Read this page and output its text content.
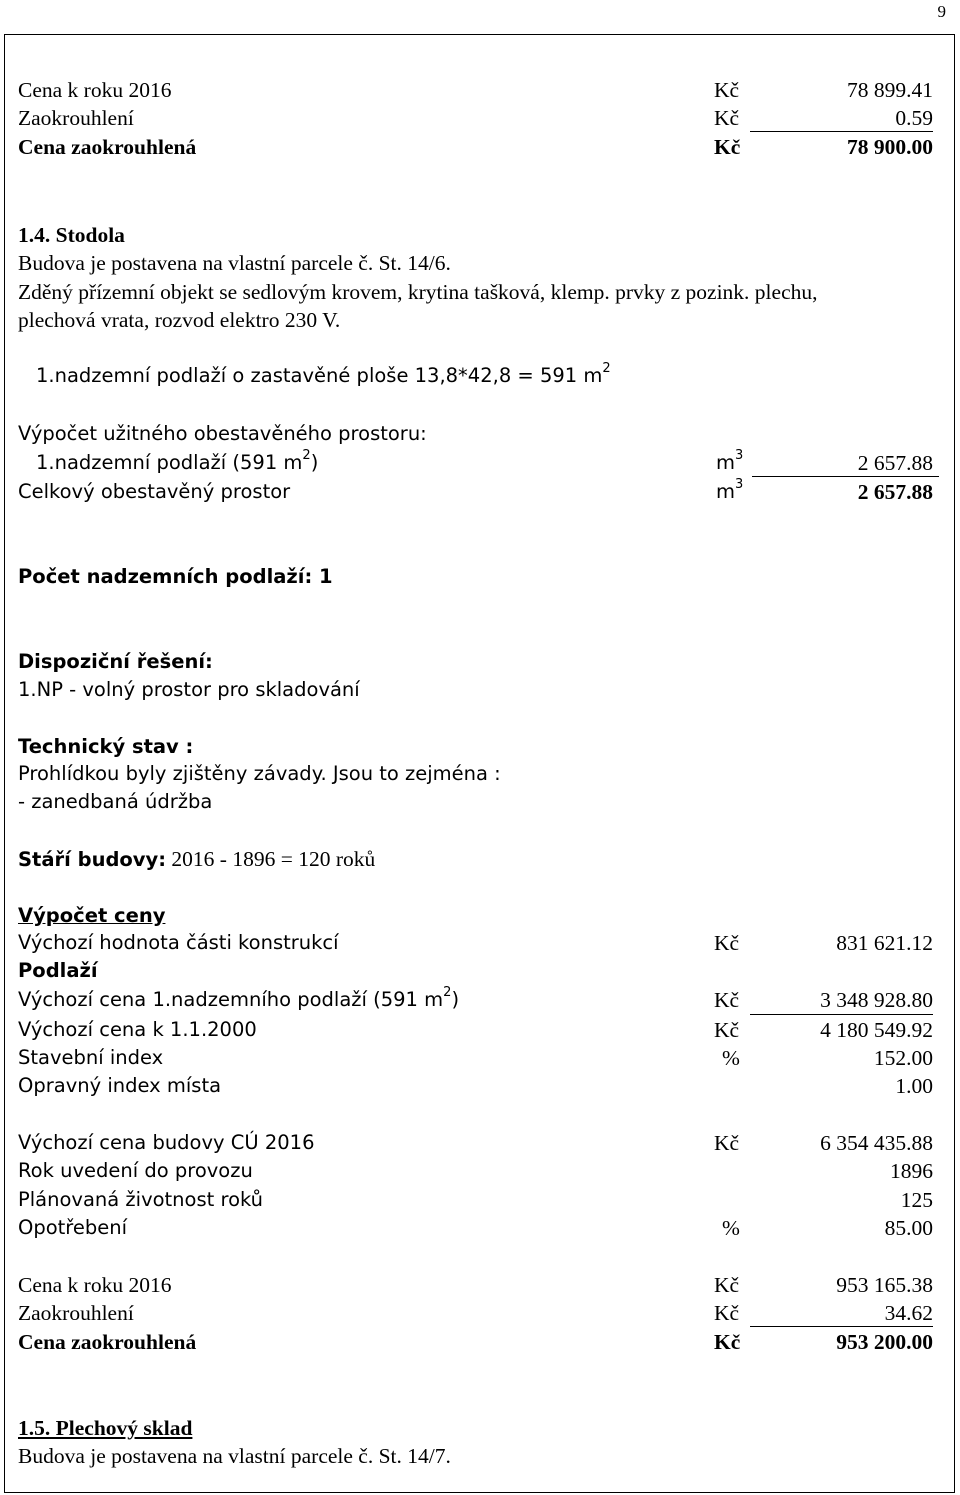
9
Cena k roku 2016	Kč	78 899.41
Zaokrouhlení	Kč	0.59
Cena zaokrouhlená	Kč	78 900.00
1.4. Stodola
Budova je postavena na vlastní parcele č. St. 14/6.
Zděný přízemní objekt se sedlovým krovem, krytina tašková, klemp. prvky z pozink. plechu,
plechová vrata, rozvod elektro 230 V.
1.nadzemní podlaží o zastavěné ploše 13,8*42,8 = 591 $m^2$
Výpočet užitného obestavěného prostoru:
1.nadzemní podlaží (591 $m^2$)	$m^3$	2 657.88
Celkový obestavěný prostor	$m^3$	2 657.88
Počet nadzemních podlaží: 1
Dispoziční řešení:
1.NP - volný prostor pro skladování
Technický stav :
Prohlídkou byly zjištěny závady. Jsou to zejména :
- zanedbaná údržba
Stáří budovy: 2016 - 1896 = 120 roků
Výpočet ceny
Výchozí hodnota části konstrukcí	Kč	831 621.12
Podlaží
Výchozí cena 1.nadzemního podlaží (591 $m^2$)	Kč	3 348 928.80
Výchozí cena k 1.1.2000	Kč	4 180 549.92
Stavební index	%	152.00
Opravný index místa	1.00
Výchozí cena budovy CÚ 2016	Kč	6 354 435.88
Rok uvedení do provozu	1896
Plánovaná životnost roků	125
Opotřebení	%	85.00
Cena k roku 2016	Kč	953 165.38
Zaokrouhlení	Kč	34.62
Cena zaokrouhlená	Kč	953 200.00
1.5. Plechový sklad
Budova je postavena na vlastní parcele č. St. 14/7.
